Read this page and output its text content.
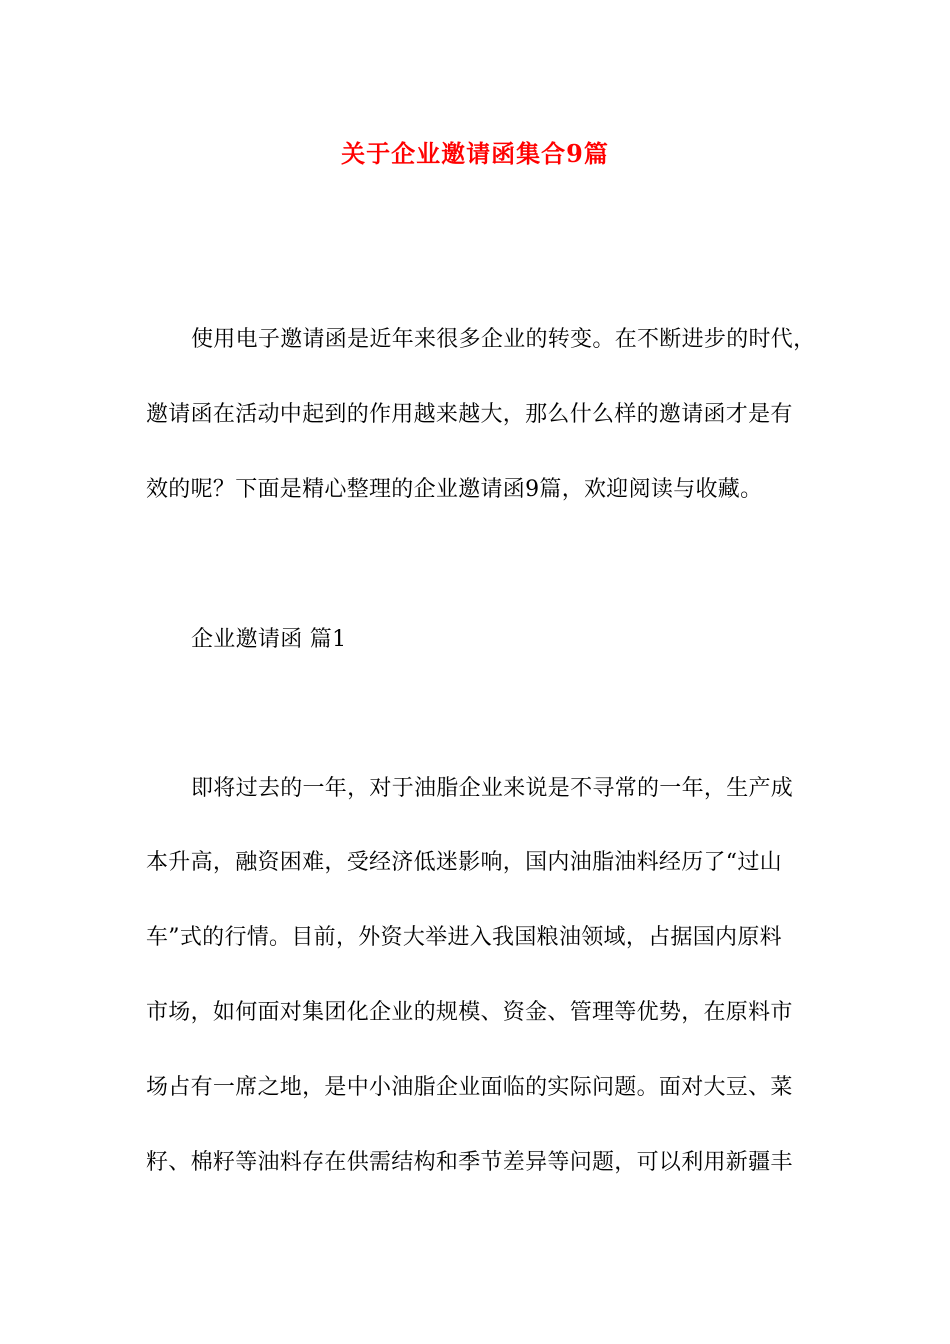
关于企业邀请函集合9篇
使用电子邀请函是近年来很多企业的转变。在不断进步的时代，
邀请函在活动中起到的作用越来越大，那么什么样的邀请函才是有
效的呢？下面是精心整理的企业邀请函9篇，欢迎阅读与收藏。
企业邀请函 篇1
即将过去的一年，对于油脂企业来说是不寻常的一年，生产成
本升高，融资困难，受经济低迷影响，国内油脂油料经历了“过山
车”式的行情。目前，外资大举进入我国粮油领域，占据国内原料
市场，如何面对集团化企业的规模、资金、管理等优势，在原料市
场占有一席之地，是中小油脂企业面临的实际问题。面对大豆、菜
籽、棉籽等油料存在供需结构和季节差异等问题，可以利用新疆丰
